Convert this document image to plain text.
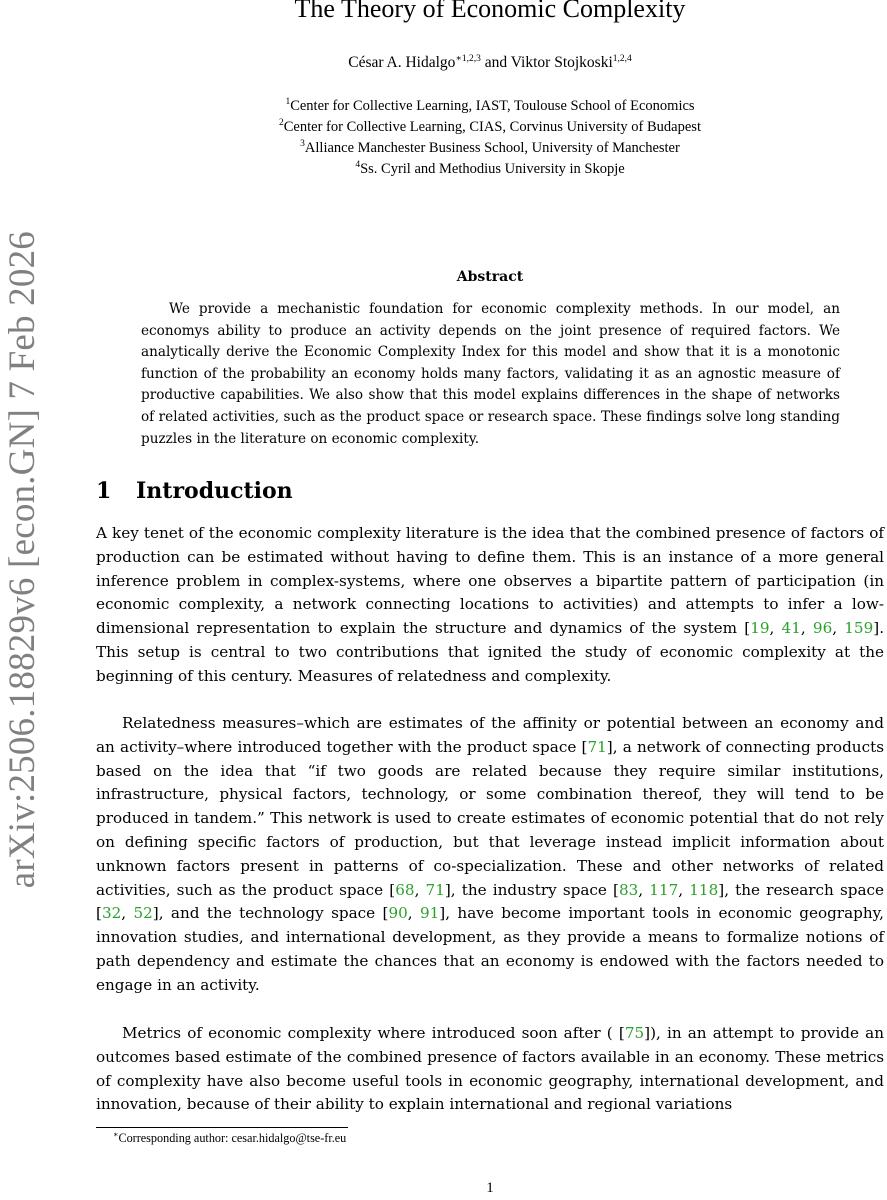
arXiv:2506.18829v6 [econ.GN] 7 Feb 2026
The Theory of Economic Complexity
César A. Hidalgo$^{∗1,2,3}$ and Viktor Stojkoski$^{1,2,4}$
$^1$Center for Collective Learning, IAST, Toulouse School of Economics
$^2$Center for Collective Learning, CIAS, Corvinus University of Budapest
$^3$Alliance Manchester Business School, University of Manchester
$^4$Ss. Cyril and Methodius University in Skopje
Abstract

We provide a mechanistic foundation for economic complexity methods. In our model, an economys ability to produce an activity depends on the joint presence of required factors. We analytically derive the Economic Complexity Index for this model and show that it is a monotonic function of the probability an economy holds many factors, validating it as an agnostic measure of productive capabilities. We also show that this model explains differences in the shape of networks of related activities, such as the product space or research space. These findings solve long standing puzzles in the literature on economic complexity.

1 Introduction

A key tenet of the economic complexity literature is the idea that the combined presence of factors of production can be estimated without having to define them. This is an instance of a more general inference problem in complex-systems, where one observes a bipartite pattern of participation (in economic complexity, a network connecting locations to activities) and attempts to infer a low-dimensional representation to explain the structure and dynamics of the system [19, 41, 96, 159]. This setup is central to two contributions that ignited the study of economic complexity at the beginning of this century. Measures of relatedness and complexity.

Relatedness measures–which are estimates of the affinity or potential between an economy and an activity–where introduced together with the product space [71], a network of connecting products based on the idea that “if two goods are related because they require similar institutions, infrastructure, physical factors, technology, or some combination thereof, they will tend to be produced in tandem.” This network is used to create estimates of economic potential that do not rely on defining specific factors of production, but that leverage instead implicit information about unknown factors present in patterns of co-specialization. These and other networks of related activities, such as the product space [68, 71], the industry space [83, 117, 118], the research space [32, 52], and the technology space [90, 91], have become important tools in economic geography, innovation studies, and international development, as they provide a means to formalize notions of path dependency and estimate the chances that an economy is endowed with the factors needed to engage in an activity.

Metrics of economic complexity where introduced soon after ( [75]), in an attempt to provide an outcomes based estimate of the combined presence of factors available in an economy. These metrics of complexity have also become useful tools in economic geography, international development, and innovation, because of their ability to explain international and regional variations

∗Corresponding author: cesar.hidalgo@tse-fr.eu
1
